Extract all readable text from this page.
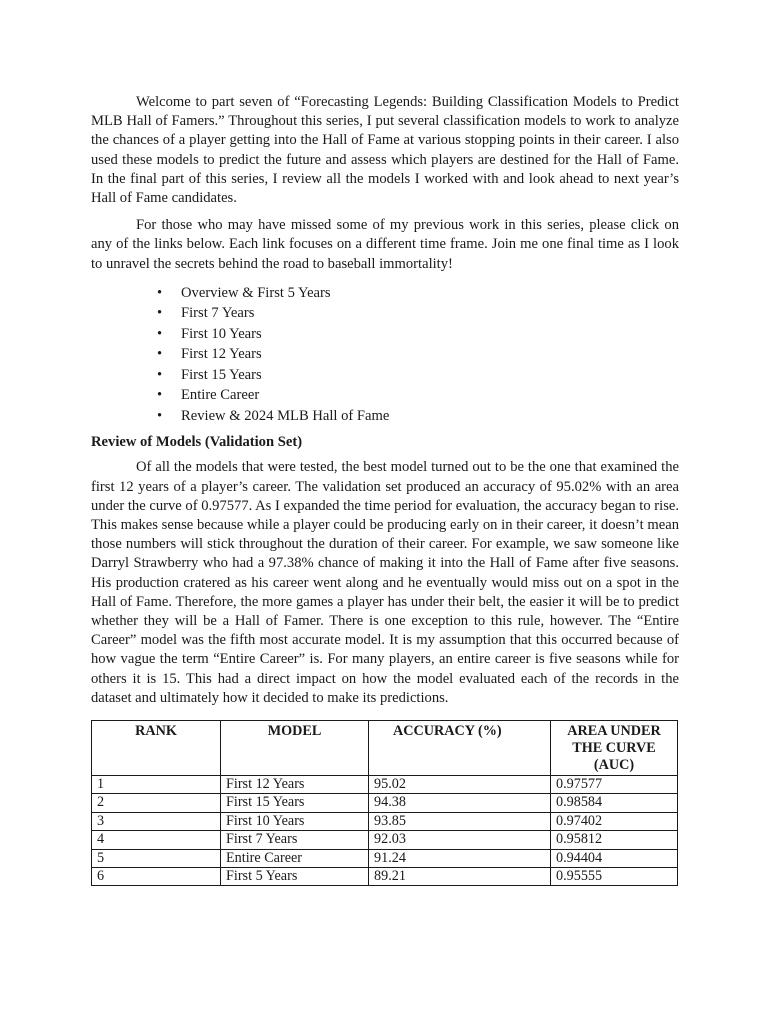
Welcome to part seven of “Forecasting Legends: Building Classification Models to Predict MLB Hall of Famers.” Throughout this series, I put several classification models to work to analyze the chances of a player getting into the Hall of Fame at various stopping points in their career. I also used these models to predict the future and assess which players are destined for the Hall of Fame. In the final part of this series, I review all the models I worked with and look ahead to next year’s Hall of Fame candidates.

For those who may have missed some of my previous work in this series, please click on any of the links below. Each link focuses on a different time frame. Join me one final time as I look to unravel the secrets behind the road to baseball immortality!

• Overview & First 5 Years
• First 7 Years
• First 10 Years
• First 12 Years
• First 15 Years
• Entire Career
• Review & 2024 MLB Hall of Fame
Review of Models (Validation Set)

Of all the models that were tested, the best model turned out to be the one that examined the first 12 years of a player’s career. The validation set produced an accuracy of 95.02% with an area under the curve of 0.97577. As I expanded the time period for evaluation, the accuracy began to rise. This makes sense because while a player could be producing early on in their career, it doesn’t mean those numbers will stick throughout the duration of their career. For example, we saw someone like Darryl Strawberry who had a 97.38% chance of making it into the Hall of Fame after five seasons. His production cratered as his career went along and he eventually would miss out on a spot in the Hall of Fame. Therefore, the more games a player has under their belt, the easier it will be to predict whether they will be a Hall of Famer. There is one exception to this rule, however. The “Entire Career” model was the fifth most accurate model. It is my assumption that this occurred because of how vague the term “Entire Career” is. For many players, an entire career is five seasons while for others it is 15. This had a direct impact on how the model evaluated each of the records in the dataset and ultimately how it decided to make its predictions.

RANK	MODEL	ACCURACY (%)	AREA UNDER THE CURVE (AUC)
1	First 12 Years	95.02	0.97577
2	First 15 Years	94.38	0.98584
3	First 10 Years	93.85	0.97402
4	First 7 Years	92.03	0.95812
5	Entire Career	91.24	0.94404
6	First 5 Years	89.21	0.95555
